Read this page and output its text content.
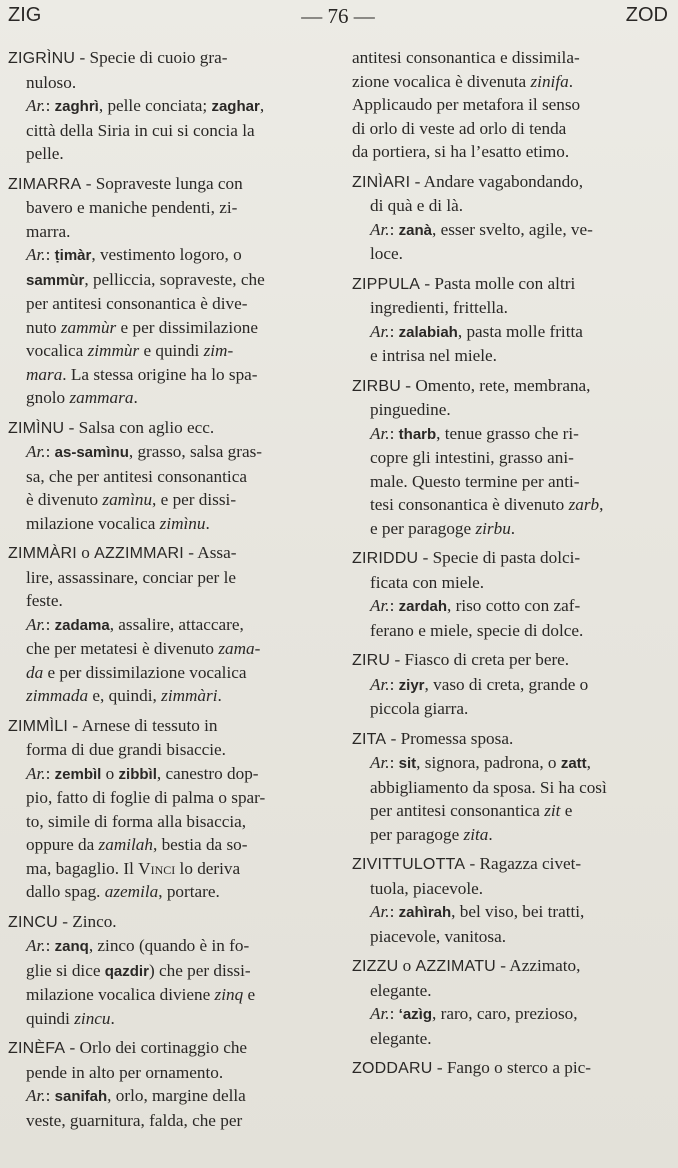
ZIG	— 76 —	ZOD

ZIGRÌNU - Specie di cuoio gra-

nuloso.

Ar.: zaghrì, pelle conciata; zaghar,

città della Siria in cui si concia la

pelle.

ZIMARRA - Sopraveste lunga con

bavero e maniche pendenti, zi-

marra.

Ar.: ṭimàr, vestimento logoro, o

sammùr, pelliccia, sopraveste, che

per antitesi consonantica è dive-

nuto zammùr e per dissimilazione

vocalica zimmùr e quindi zim-

mara. La stessa origine ha lo spa-

gnolo zammara.

ZIMÌNU - Salsa con aglio ecc.

Ar.: as-samìnu, grasso, salsa gras-

sa, che per antitesi consonantica

è divenuto zamìnu, e per dissi-

milazione vocalica zimìnu.

ZIMMÀRI o AZZIMMARI - Assa-

lire, assassinare, conciar per le

feste.

Ar.: zadama, assalire, attaccare,

che per metatesi è divenuto zama-

da e per dissimilazione vocalica

zimmada e, quindi, zimmàri.

ZIMMÌLI - Arnese di tessuto in

forma di due grandi bisaccie.

Ar.: zembìl o zibbìl, canestro dop-

pio, fatto di foglie di palma o spar-

to, simile di forma alla bisaccia,

oppure da zamilah, bestia da so-

ma, bagaglio. Il Vinci lo deriva

dallo spag. azemila, portare.

ZINCU - Zinco.

Ar.: zanq, zinco (quando è in fo-

glie si dice qazdir) che per dissi-

milazione vocalica diviene zinq e

quindi zincu.

ZINÈFA - Orlo dei cortinaggio che

pende in alto per ornamento.

Ar.: sanifah, orlo, margine della

veste, guarnitura, falda, che per

antitesi consonantica e dissimila-

zione vocalica è divenuta zinifa.

Applicaudo per metafora il senso

di orlo di veste ad orlo di tenda

da portiera, si ha l’esatto etimo.

ZINÌARI - Andare vagabondando,

di quà e di là.

Ar.: zanà, esser svelto, agile, ve-

loce.

ZIPPULA - Pasta molle con altri

ingredienti, frittella.

Ar.: zalabiah, pasta molle fritta

e intrisa nel miele.

ZIRBU - Omento, rete, membrana,

pinguedine.

Ar.: tharb, tenue grasso che ri-

copre gli intestini, grasso ani-

male. Questo termine per anti-

tesi consonantica è divenuto zarb,

e per paragoge zirbu.

ZIRIDDU - Specie di pasta dolci-

ficata con miele.

Ar.: zardah, riso cotto con zaf-

ferano e miele, specie di dolce.

ZIRU - Fiasco di creta per bere.

Ar.: ziyr, vaso di creta, grande o

piccola giarra.

ZITA - Promessa sposa.

Ar.: sit, signora, padrona, o zatt,

abbigliamento da sposa. Si ha così

per antitesi consonantica zit e

per paragoge zita.

ZIVITTULOTTA - Ragazza civet-

tuola, piacevole.

Ar.: zahìrah, bel viso, bei tratti,

piacevole, vanitosa.

ZIZZU o AZZIMATU - Azzimato,

elegante.

Ar.: ‘azìg, raro, caro, prezioso,

elegante.

ZODDARU - Fango o sterco a pic-
